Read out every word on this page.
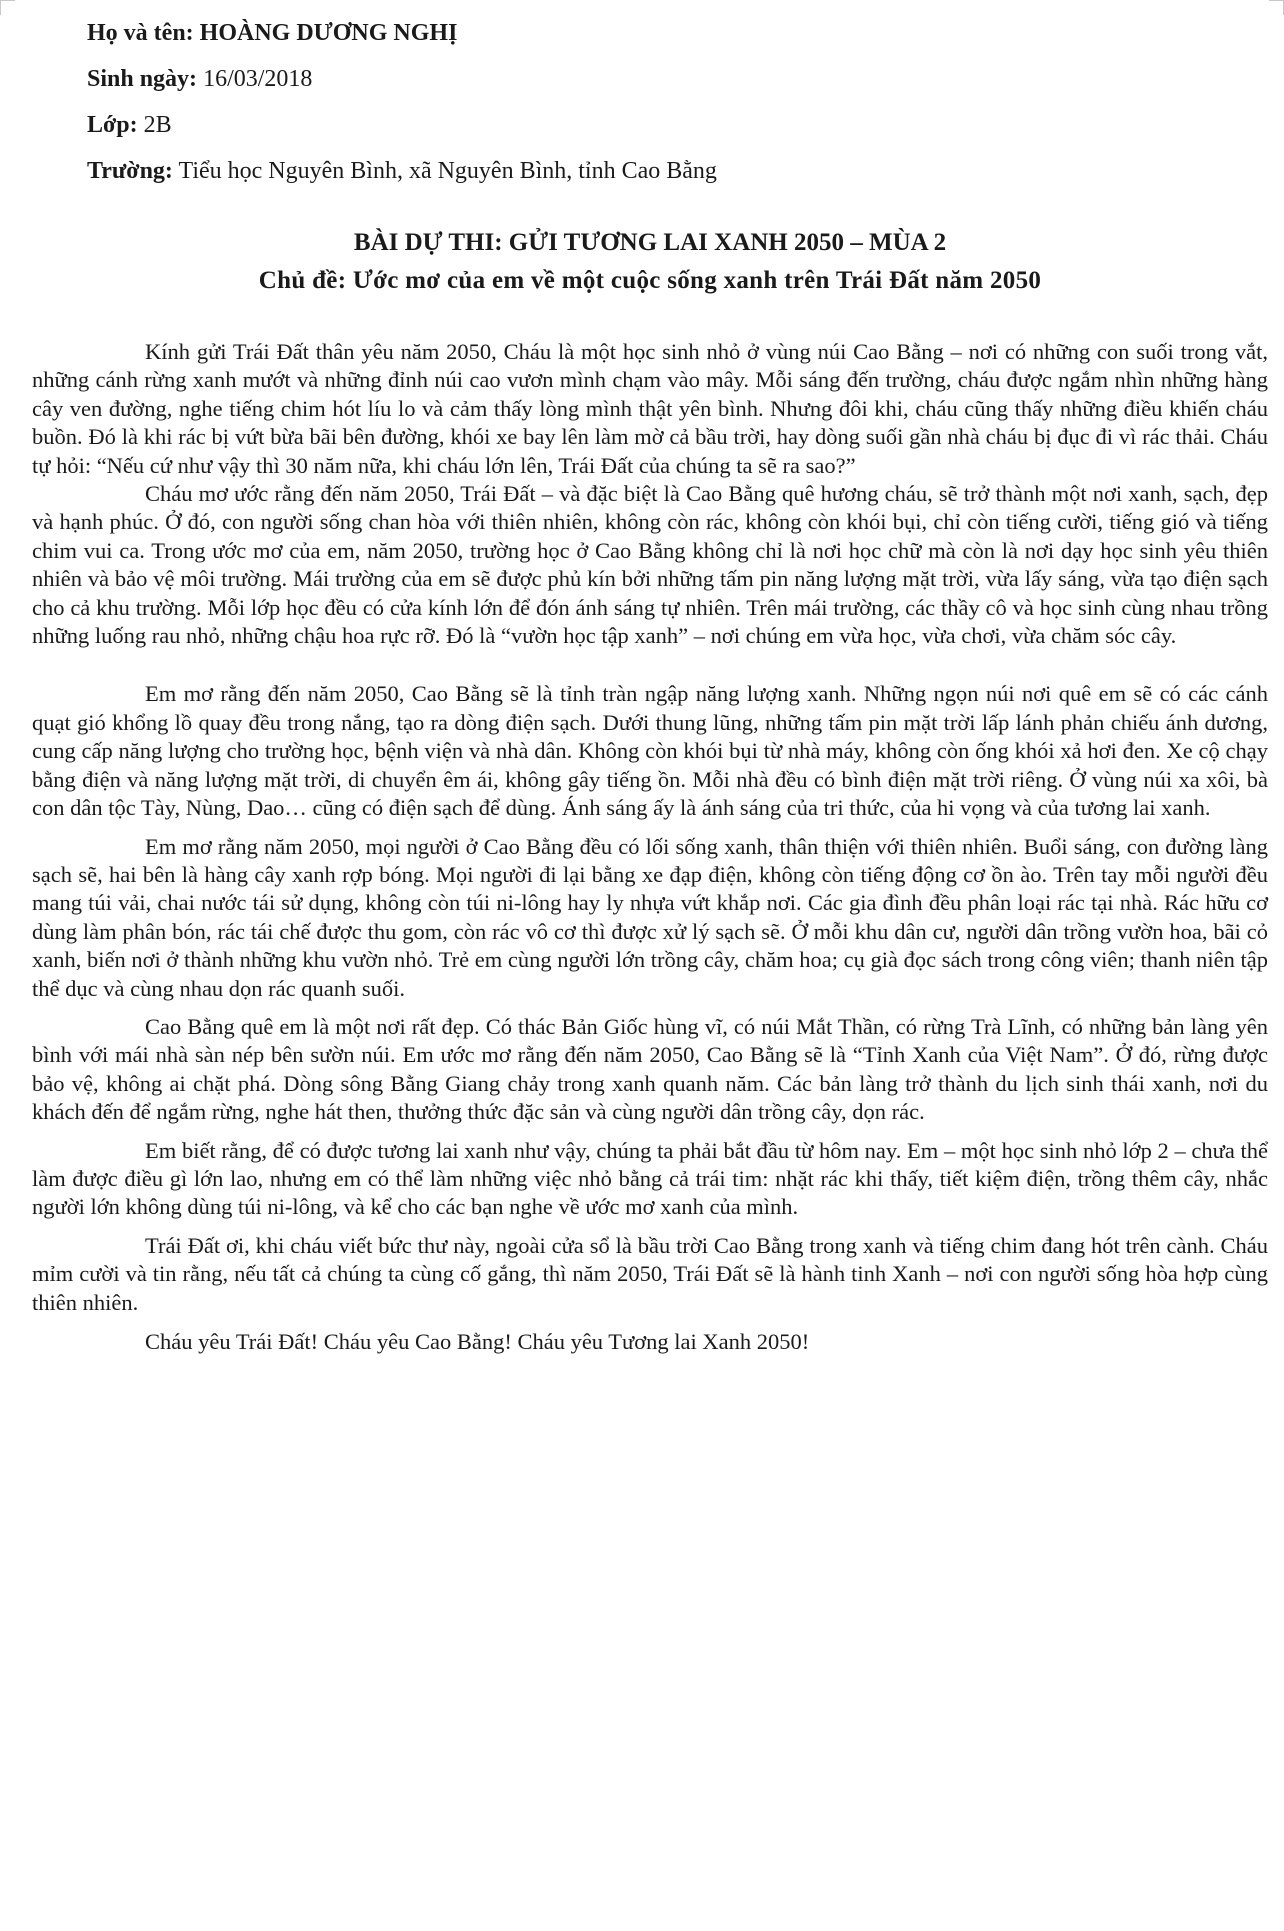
Họ và tên: HOÀNG DƯƠNG NGHỊ
Sinh ngày: 16/03/2018
Lớp: 2B
Trường: Tiểu học Nguyên Bình, xã Nguyên Bình, tỉnh Cao Bằng
BÀI DỰ THI: GỬI TƯƠNG LAI XANH 2050 – MÙA 2
Chủ đề: Ước mơ của em về một cuộc sống xanh trên Trái Đất năm 2050

Kính gửi Trái Đất thân yêu năm 2050, Cháu là một học sinh nhỏ ở vùng núi Cao Bằng – nơi có những con suối trong vắt, những cánh rừng xanh mướt và những đỉnh núi cao vươn mình chạm vào mây. Mỗi sáng đến trường, cháu được ngắm nhìn những hàng cây ven đường, nghe tiếng chim hót líu lo và cảm thấy lòng mình thật yên bình. Nhưng đôi khi, cháu cũng thấy những điều khiến cháu buồn. Đó là khi rác bị vứt bừa bãi bên đường, khói xe bay lên làm mờ cả bầu trời, hay dòng suối gần nhà cháu bị đục đi vì rác thải. Cháu tự hỏi: “Nếu cứ như vậy thì 30 năm nữa, khi cháu lớn lên, Trái Đất của chúng ta sẽ ra sao?”

Cháu mơ ước rằng đến năm 2050, Trái Đất – và đặc biệt là Cao Bằng quê hương cháu, sẽ trở thành một nơi xanh, sạch, đẹp và hạnh phúc. Ở đó, con người sống chan hòa với thiên nhiên, không còn rác, không còn khói bụi, chỉ còn tiếng cười, tiếng gió và tiếng chim vui ca. Trong ước mơ của em, năm 2050, trường học ở Cao Bằng không chỉ là nơi học chữ mà còn là nơi dạy học sinh yêu thiên nhiên và bảo vệ môi trường. Mái trường của em sẽ được phủ kín bởi những tấm pin năng lượng mặt trời, vừa lấy sáng, vừa tạo điện sạch cho cả khu trường. Mỗi lớp học đều có cửa kính lớn để đón ánh sáng tự nhiên. Trên mái trường, các thầy cô và học sinh cùng nhau trồng những luống rau nhỏ, những chậu hoa rực rỡ. Đó là “vườn học tập xanh” – nơi chúng em vừa học, vừa chơi, vừa chăm sóc cây.

Em mơ rằng đến năm 2050, Cao Bằng sẽ là tỉnh tràn ngập năng lượng xanh. Những ngọn núi nơi quê em sẽ có các cánh quạt gió khổng lồ quay đều trong nắng, tạo ra dòng điện sạch. Dưới thung lũng, những tấm pin mặt trời lấp lánh phản chiếu ánh dương, cung cấp năng lượng cho trường học, bệnh viện và nhà dân. Không còn khói bụi từ nhà máy, không còn ống khói xả hơi đen. Xe cộ chạy bằng điện và năng lượng mặt trời, di chuyển êm ái, không gây tiếng ồn. Mỗi nhà đều có bình điện mặt trời riêng. Ở vùng núi xa xôi, bà con dân tộc Tày, Nùng, Dao… cũng có điện sạch để dùng. Ánh sáng ấy là ánh sáng của tri thức, của hi vọng và của tương lai xanh.

Em mơ rằng năm 2050, mọi người ở Cao Bằng đều có lối sống xanh, thân thiện với thiên nhiên. Buổi sáng, con đường làng sạch sẽ, hai bên là hàng cây xanh rợp bóng. Mọi người đi lại bằng xe đạp điện, không còn tiếng động cơ ồn ào. Trên tay mỗi người đều mang túi vải, chai nước tái sử dụng, không còn túi ni-lông hay ly nhựa vứt khắp nơi. Các gia đình đều phân loại rác tại nhà. Rác hữu cơ dùng làm phân bón, rác tái chế được thu gom, còn rác vô cơ thì được xử lý sạch sẽ. Ở mỗi khu dân cư, người dân trồng vườn hoa, bãi cỏ xanh, biến nơi ở thành những khu vườn nhỏ. Trẻ em cùng người lớn trồng cây, chăm hoa; cụ già đọc sách trong công viên; thanh niên tập thể dục và cùng nhau dọn rác quanh suối.

Cao Bằng quê em là một nơi rất đẹp. Có thác Bản Giốc hùng vĩ, có núi Mắt Thần, có rừng Trà Lĩnh, có những bản làng yên bình với mái nhà sàn nép bên sườn núi. Em ước mơ rằng đến năm 2050, Cao Bằng sẽ là “Tỉnh Xanh của Việt Nam”. Ở đó, rừng được bảo vệ, không ai chặt phá. Dòng sông Bằng Giang chảy trong xanh quanh năm. Các bản làng trở thành du lịch sinh thái xanh, nơi du khách đến để ngắm rừng, nghe hát then, thưởng thức đặc sản và cùng người dân trồng cây, dọn rác.

Em biết rằng, để có được tương lai xanh như vậy, chúng ta phải bắt đầu từ hôm nay. Em – một học sinh nhỏ lớp 2 – chưa thể làm được điều gì lớn lao, nhưng em có thể làm những việc nhỏ bằng cả trái tim: nhặt rác khi thấy, tiết kiệm điện, trồng thêm cây, nhắc người lớn không dùng túi ni-lông, và kể cho các bạn nghe về ước mơ xanh của mình.

Trái Đất ơi, khi cháu viết bức thư này, ngoài cửa sổ là bầu trời Cao Bằng trong xanh và tiếng chim đang hót trên cành. Cháu mỉm cười và tin rằng, nếu tất cả chúng ta cùng cố gắng, thì năm 2050, Trái Đất sẽ là hành tinh Xanh – nơi con người sống hòa hợp cùng thiên nhiên.

Cháu yêu Trái Đất! Cháu yêu Cao Bằng! Cháu yêu Tương lai Xanh 2050!
